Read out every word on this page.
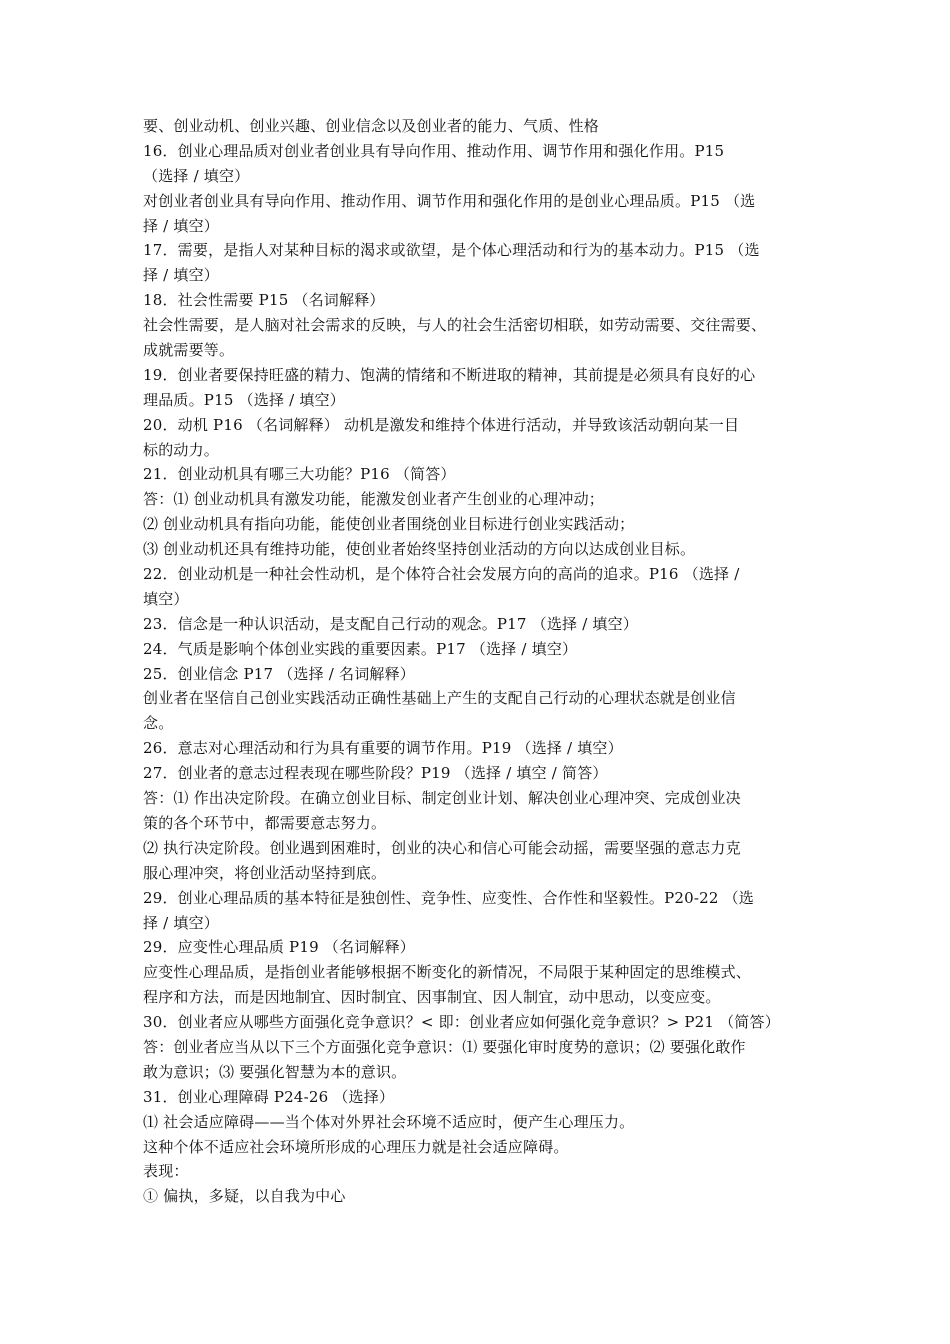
要、创业动机、创业兴趣、创业信念以及创业者的能力、气质、性格
16．创业心理品质对创业者创业具有导向作用、推动作用、调节作用和强化作用。P15
（选择 / 填空）
对创业者创业具有导向作用、推动作用、调节作用和强化作用的是创业心理品质。P15 （选
择 / 填空）
17．需要，是指人对某种目标的渴求或欲望，是个体心理活动和行为的基本动力。P15 （选
择 / 填空）
18．社会性需要 P15 （名词解释）
社会性需要，是人脑对社会需求的反映，与人的社会生活密切相联，如劳动需要、交往需要、
成就需要等。
19．创业者要保持旺盛的精力、饱满的情绪和不断进取的精神，其前提是必须具有良好的心
理品质。P15 （选择 / 填空）
20．动机 P16 （名词解释） 动机是激发和维持个体进行活动，并导致该活动朝向某一目
标的动力。
21．创业动机具有哪三大功能？P16 （简答）
答：⑴ 创业动机具有激发功能，能激发创业者产生创业的心理冲动；
⑵ 创业动机具有指向功能，能使创业者围绕创业目标进行创业实践活动；
⑶ 创业动机还具有维持功能，使创业者始终坚持创业活动的方向以达成创业目标。
22．创业动机是一种社会性动机，是个体符合社会发展方向的高尚的追求。P16 （选择 /
填空）
23．信念是一种认识活动，是支配自己行动的观念。P17 （选择 / 填空）
24．气质是影响个体创业实践的重要因素。P17 （选择 / 填空）
25．创业信念 P17 （选择 / 名词解释）
创业者在坚信自己创业实践活动正确性基础上产生的支配自己行动的心理状态就是创业信
念。
26．意志对心理活动和行为具有重要的调节作用。P19 （选择 / 填空）
27．创业者的意志过程表现在哪些阶段？P19 （选择 / 填空 / 简答）
答：⑴ 作出决定阶段。在确立创业目标、制定创业计划、解决创业心理冲突、完成创业决
策的各个环节中，都需要意志努力。
⑵ 执行决定阶段。创业遇到困难时，创业的决心和信心可能会动摇，需要坚强的意志力克
服心理冲突，将创业活动坚持到底。
29．创业心理品质的基本特征是独创性、竞争性、应变性、合作性和坚毅性。P20-22 （选
择 / 填空）
29．应变性心理品质 P19 （名词解释）
应变性心理品质，是指创业者能够根据不断变化的新情况，不局限于某种固定的思维模式、
程序和方法，而是因地制宜、因时制宜、因事制宜、因人制宜，动中思动，以变应变。
30．创业者应从哪些方面强化竞争意识？< 即：创业者应如何强化竞争意识？> P21 （简答）
答：创业者应当从以下三个方面强化竞争意识：⑴ 要强化审时度势的意识；⑵ 要强化敢作
敢为意识；⑶ 要强化智慧为本的意识。
31．创业心理障碍 P24-26 （选择）
⑴ 社会适应障碍——当个体对外界社会环境不适应时，便产生心理压力。
这种个体不适应社会环境所形成的心理压力就是社会适应障碍。
表现：
① 偏执，多疑，以自我为中心
